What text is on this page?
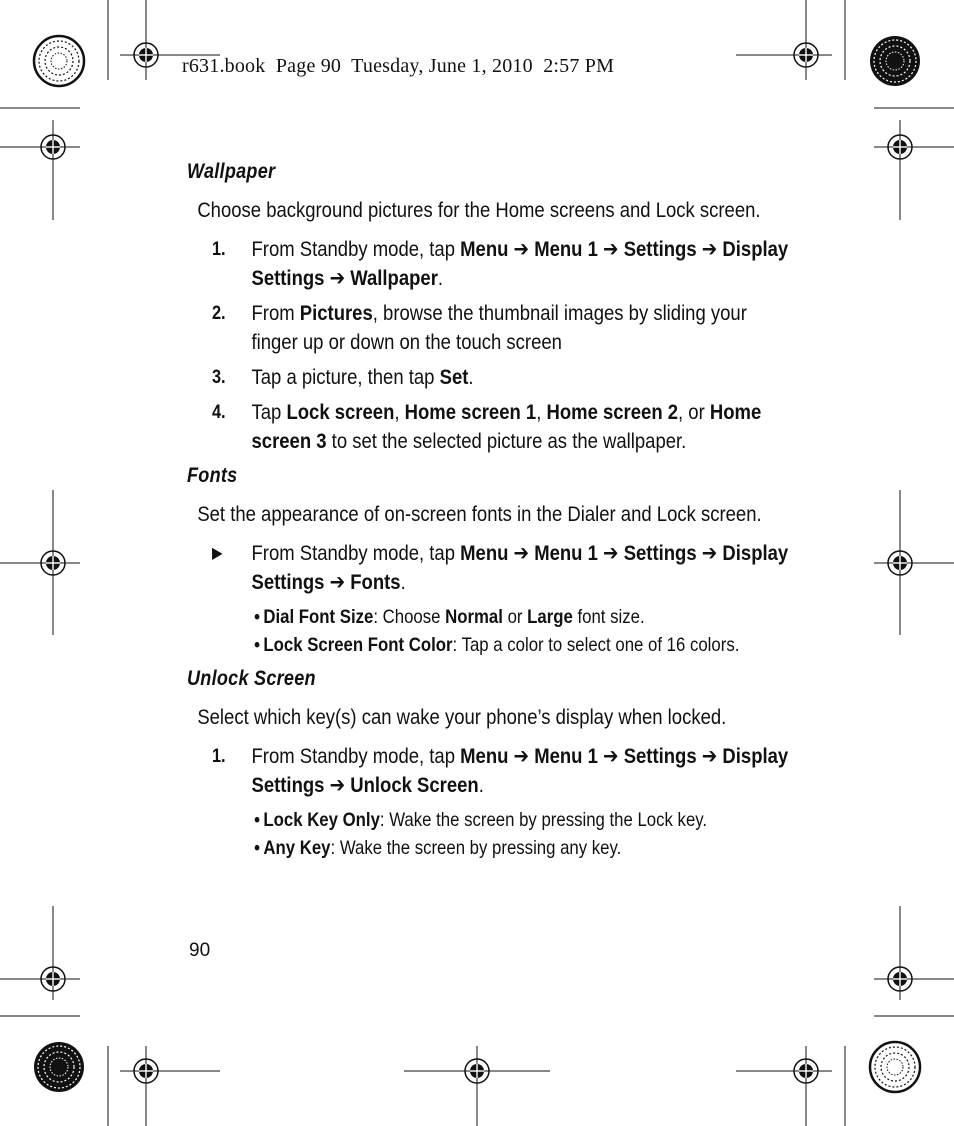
r631.book  Page 90  Tuesday, June 1, 2010  2:57 PM
Wallpaper

Choose background pictures for the Home screens and Lock screen.

1.	From Standby mode, tap Menu ➔ Menu 1 ➔ Settings ➔ Display Settings ➔ Wallpaper.
2.	From Pictures, browse the thumbnail images by sliding your finger up or down on the touch screen
3.	Tap a picture, then tap Set.
4.	Tap Lock screen, Home screen 1, Home screen 2, or Home screen 3 to set the selected picture as the wallpaper.
Fonts

Set the appearance of on-screen fonts in the Dialer and Lock screen.

▶	From Standby mode, tap Menu ➔ Menu 1 ➔ Settings ➔ Display Settings ➔ Fonts.
• Dial Font Size: Choose Normal or Large font size.
• Lock Screen Font Color: Tap a color to select one of 16 colors.
Unlock Screen

Select which key(s) can wake your phone’s display when locked.

1.	From Standby mode, tap Menu ➔ Menu 1 ➔ Settings ➔ Display Settings ➔ Unlock Screen.
• Lock Key Only: Wake the screen by pressing the Lock key.
• Any Key: Wake the screen by pressing any key.
90
